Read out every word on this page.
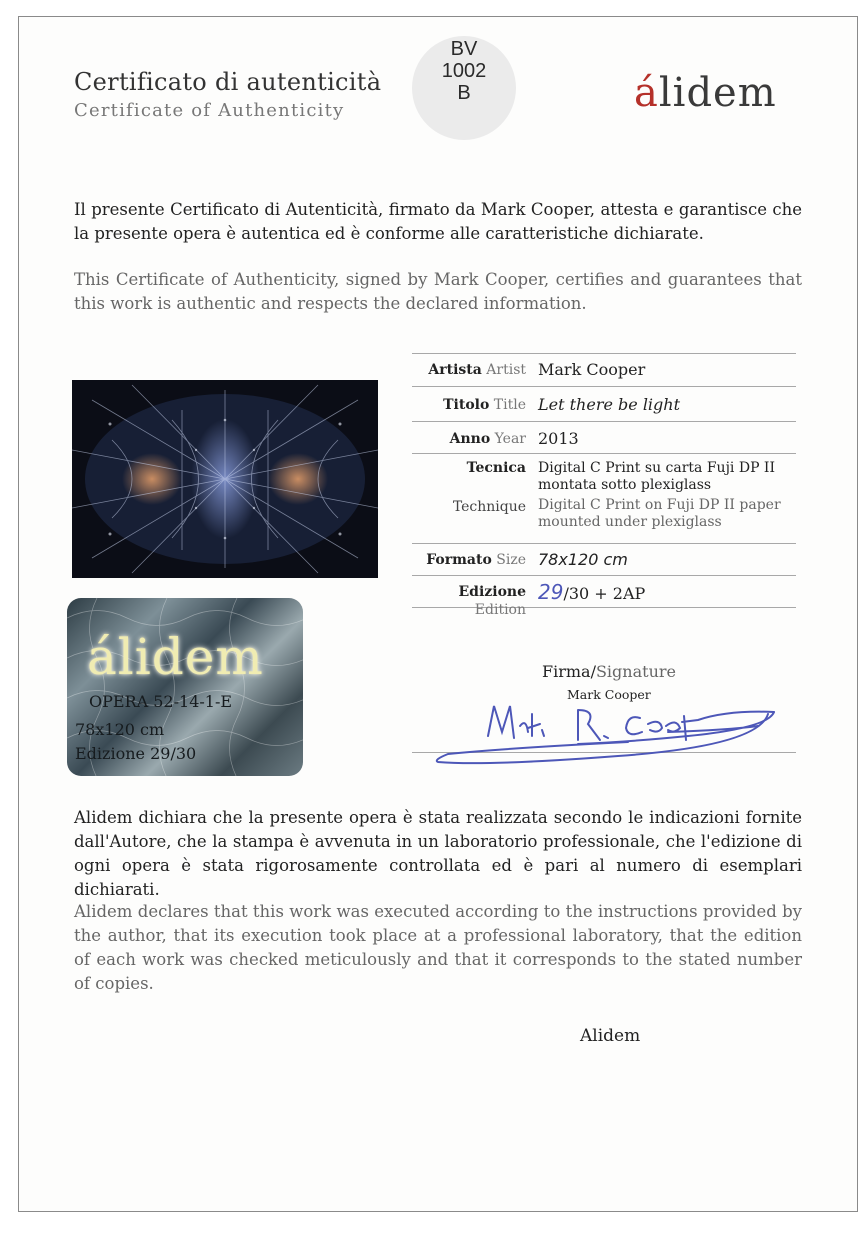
Certificato di autenticità
Certificate of Authenticity
BV
1002
B	álidem
Il presente Certificato di Autenticità, firmato da Mark Cooper, attesta e garantisce che la presente opera è autentica ed è conforme alle caratteristiche dichiarate.
This Certificate of Authenticity, signed by Mark Cooper, certifies and guarantees that this work is authentic and respects the declared information.
álidem
OPERA 52-14-1-E
78x120 cm
Edizione 29/30
Artista Artist Mark Cooper
Titolo Title Let there be light
Anno Year 2013
Tecnica
Technique
Digital C Print su carta Fuji DP II
montata sotto plexiglass
Digital C Print on Fuji DP II paper
mounted under plexiglass
Formato Size 78x120 cm
Edizione Edition
29/30 + 2AP
Firma/Signature
Mark Cooper
Alidem dichiara che la presente opera è stata realizzata secondo le indicazioni fornite dall'Autore, che la stampa è avvenuta in un laboratorio professionale, che l'edizione di ogni opera è stata rigorosamente controllata ed è pari al numero di esemplari dichiarati.
Alidem declares that this work was executed according to the instructions provided by the author, that its execution took place at a professional laboratory, that the edition of each work was checked meticulously and that it corresponds to the stated number of copies.
Alidem
